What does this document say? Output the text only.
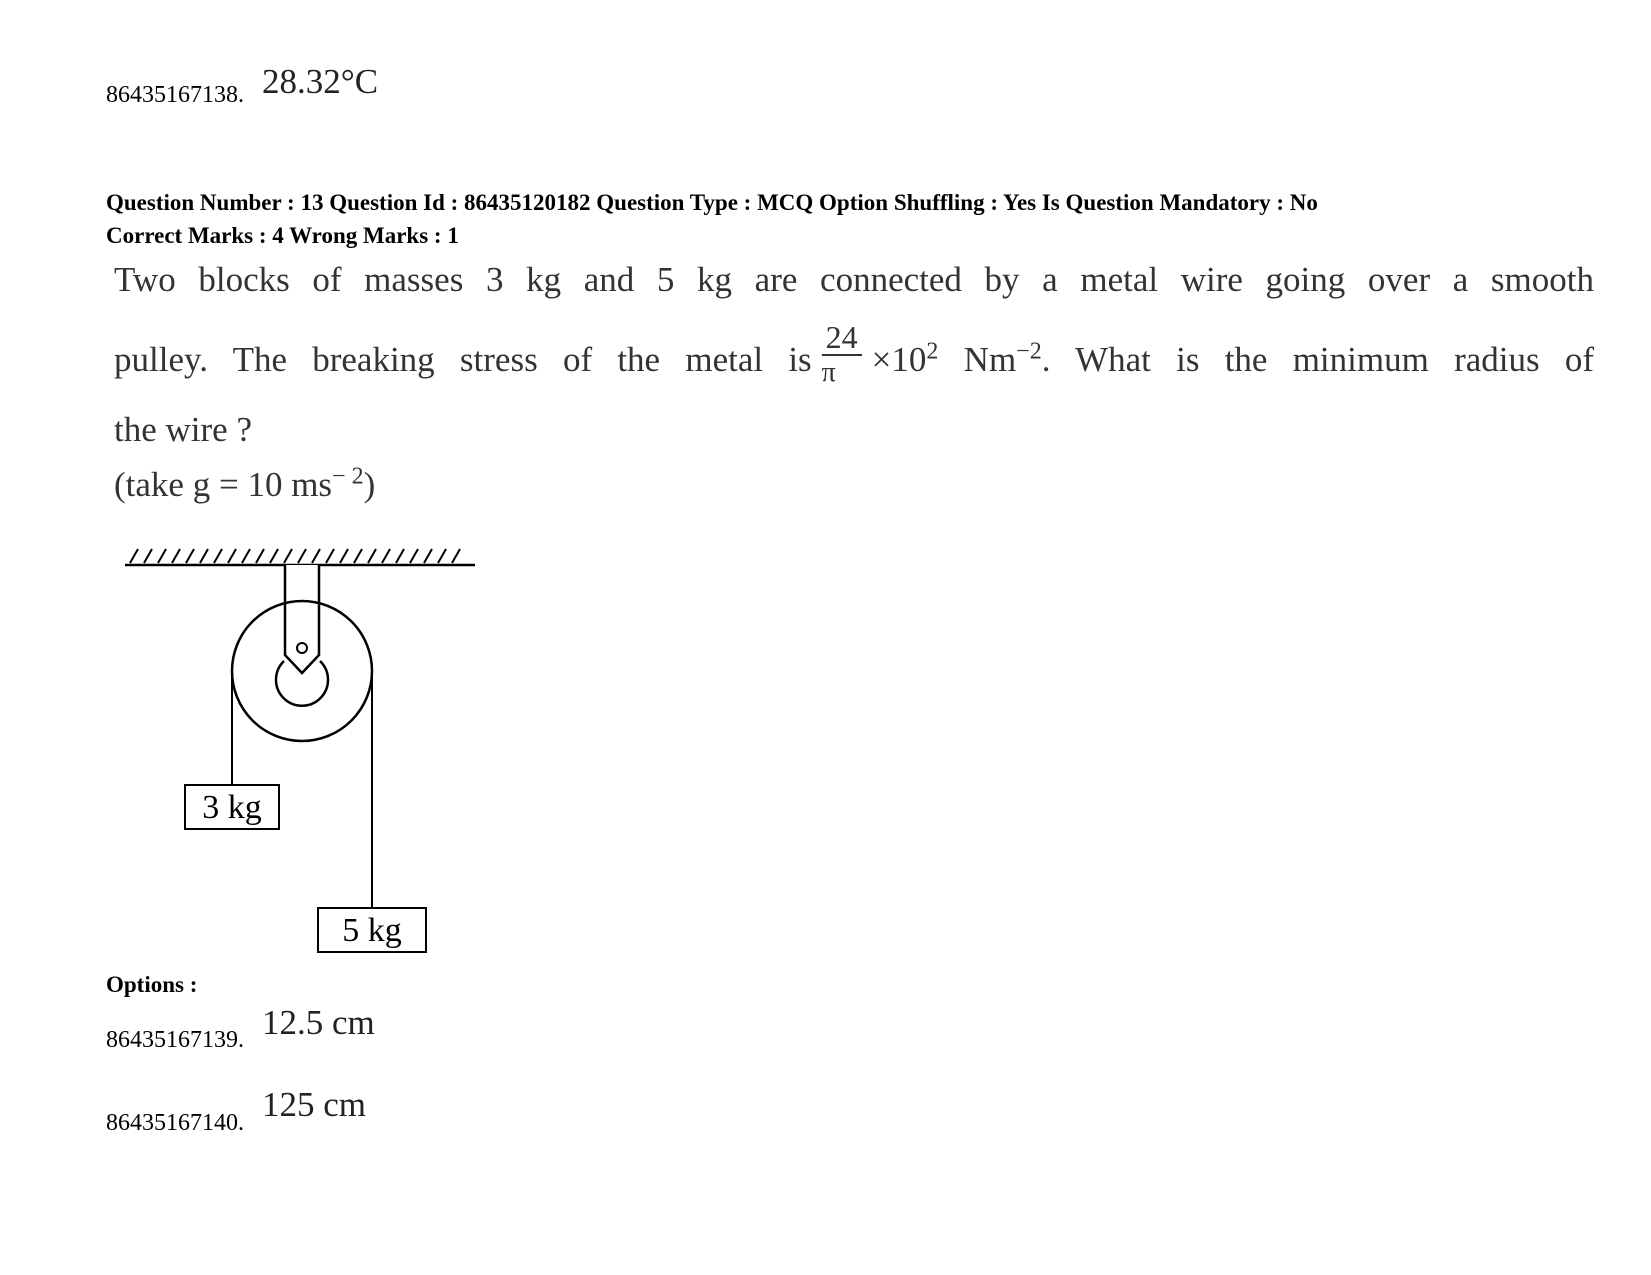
86435167138. 28.32°C
Question Number : 13 Question Id : 86435120182 Question Type : MCQ Option Shuffling : Yes Is Question Mandatory : No
Correct Marks : 4 Wrong Marks : 1
Two blocks of masses 3 kg and 5 kg are connected by a metal wire going over a smooth
pulley. The breaking stress of the metal is $\frac{24}{\pi} \times 10^2$ $Nm^{-2}$. What is the minimum radius of
the wire ?
(take g = 10 $ms^{- 2}$)
3 kg
5 kg
Options :
86435167139. 12.5 cm
86435167140. 125 cm
